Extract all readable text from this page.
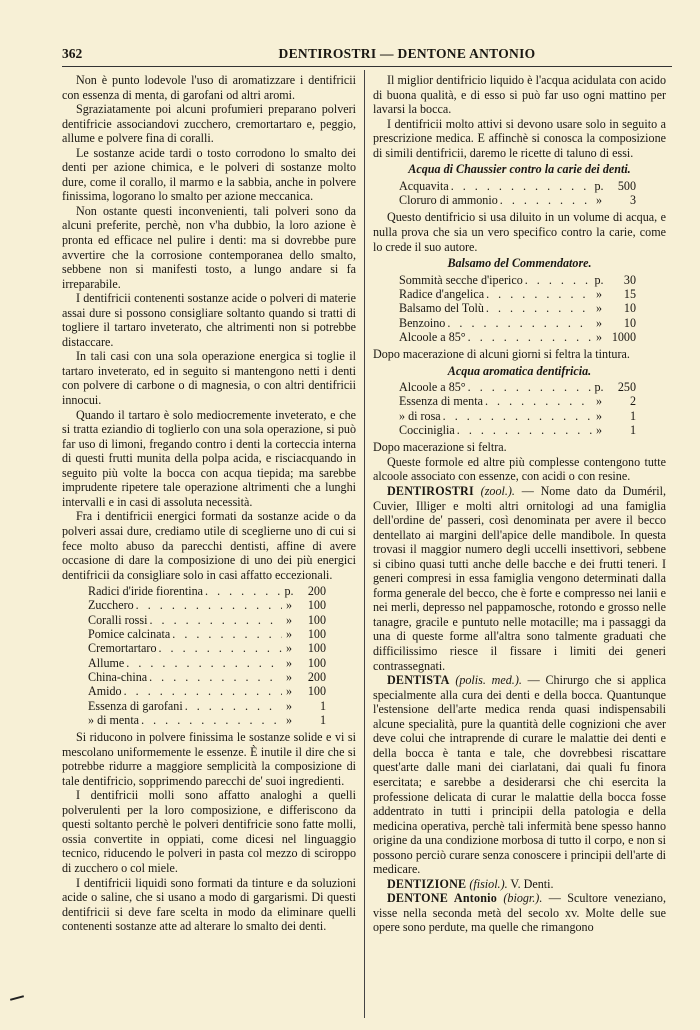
362	DENTIROSTRI — DENTONE ANTONIO

Non è punto lodevole l'uso di aromatizzare i dentifricii con essenza di menta, di garofani od altri aromi.

Sgraziatamente poi alcuni profumieri preparano polveri dentifricie associandovi zucchero, cremortartaro e, peggio, allume e polvere fina di coralli.

Le sostanze acide tardi o tosto corrodono lo smalto dei denti per azione chimica, e le polveri di sostanze molto dure, come il corallo, il marmo e la sabbia, anche in polvere finissima, logorano lo smalto per azione meccanica.

Non ostante questi inconvenienti, tali polveri sono da alcuni preferite, perchè, non v'ha dubbio, la loro azione è pronta ed efficace nel pulire i denti: ma si dovrebbe pure avvertire che la corrosione contemporanea dello smalto, sebbene non si manifesti tosto, a lungo andare si fa irreparabile.

I dentifricii contenenti sostanze acide o polveri di materie assai dure si possono consigliare soltanto quando si tratti di togliere il tartaro inveterato, che altrimenti non si potrebbe distaccare.

In tali casi con una sola operazione energica si toglie il tartaro inveterato, ed in seguito si mantengono netti i denti con polvere di carbone o di magnesia, o con altri dentifricii innocui.

Quando il tartaro è solo mediocremente inveterato, e che si tratta eziandio di toglierlo con una sola operazione, si può far uso di limoni, fregando contro i denti la corteccia interna di questi frutti munita della polpa acida, e risciacquando in seguito più volte la bocca con acqua tiepida; ma sarebbe imprudente ripetere tale operazione altrimenti che a lunghi intervalli e in casi di assoluta necessità.

Fra i dentifricii energici formati da sostanze acide o da polveri assai dure, crediamo utile di sceglierne uno di cui si fece molto abuso da parecchi dentisti, affine di avere occasione di dare la composizione di uno dei più energici dentifricii da consigliare solo in casi affatto eccezionali.

Radici d'iride fiorentina . . .	p.	200
Zucchero . . .	»	100
Coralli rossi . . .	»	100
Pomice calcinata . . .	»	100
Cremortartaro . . .	»	100
Allume . . .	»	100
China-china . . .	»	200
Amido . . .	»	100
Essenza di garofani . . .	»	1
» di menta . . .	»	1

Si riducono in polvere finissima le sostanze solide e vi si mescolano uniformemente le essenze. È inutile il dire che si potrebbe ridurre a maggiore semplicità la composizione di tale dentifricio, sopprimendo parecchi de' suoi ingredienti.

I dentifricii molli sono affatto analoghi a quelli polverulenti per la loro composizione, e differiscono da questi soltanto perchè le polveri dentifricie sono fatte molli, ossia convertite in oppiati, come dicesi nel linguaggio tecnico, riducendo le polveri in pasta col mezzo di sciroppo di zucchero o col miele.

I dentifricii liquidi sono formati da tinture e da soluzioni acide o saline, che si usano a modo di gargarismi. Di questi dentifricii si deve fare scelta in modo da eliminare quelli contenenti sostanze atte ad alterare lo smalto dei denti.

Il miglior dentifricio liquido è l'acqua acidulata con acido di buona qualità, e di esso si può far uso ogni mattino per lavarsi la bocca.

I dentifricii molto attivi si devono usare solo in seguito a prescrizione medica. E affinchè si conosca la composizione di simili dentifricii, daremo le ricette di taluno di essi.

Acqua di Chaussier contro la carie dei denti.
Acquavita . . .	p.	500
Cloruro di ammonio . . .	»	3

Questo dentifricio si usa diluito in un volume di acqua, e nulla prova che sia un vero specifico contro la carie, come lo crede il suo autore.

Balsamo del Commendatore.
Sommità secche d'iperico . . .	p.	30
Radice d'angelica . . .	»	15
Balsamo del Tolù . . .	»	10
Benzoino . . .	»	10
Alcoole a 85° . . .	» 1000

Dopo macerazione di alcuni giorni si feltra la tintura.

Acqua aromatica dentifricia.
Alcoole a 85° . . .	p.	250
Essenza di menta . . .	»	2
» di rosa . . .	»	1
Cocciniglia . . .	»	1

Dopo macerazione si feltra.

Queste formole ed altre più complesse contengono tutte alcoole associato con essenze, con acidi o con resine.

DENTIROSTRI (zool.). — Nome dato da Duméril, Cuvier, Illiger e molti altri ornitologi ad una famiglia dell'ordine de' passeri, così denominata per avere il becco dentellato ai margini dell'apice delle mandibole. In questa trovasi il maggior numero degli uccelli insettivori, sebbene si cibino quasi tutti anche delle bacche e dei frutti teneri. I generi compresi in essa famiglia vengono determinati dalla forma generale del becco, che è forte e compresso nei lanii e nei merli, depresso nel pappamosche, rotondo e grosso nelle tanagre, gracile e puntuto nelle motacille; ma i passaggi da una di queste forme all'altra sono talmente graduati che difficilissimo riesce il fissare i limiti dei generi contrassegnati.

DENTISTA (polis. med.). — Chirurgo che si applica specialmente alla cura dei denti e della bocca. Quantunque l'estensione dell'arte medica renda quasi indispensabili alcune specialità, pure la quantità delle cognizioni che aver deve colui che intraprende di curare le malattie dei denti e della bocca è tanta e tale, che dovrebbesi riscattare quest'arte dalle mani dei ciarlatani, dai quali fu finora esercitata; e sarebbe a desiderarsi che chi esercita la professione delicata di curar le malattie della bocca fosse addentrato in tutti i principii della patologia e della medicina operativa, perchè tali infermità bene spesso hanno origine da una condizione morbosa di tutto il corpo, e non si possono perciò curare senza conoscere i principii dell'arte di medicare.

DENTIZIONE (fisiol.). V. Denti.

DENTONE Antonio (biogr.). — Scultore veneziano, visse nella seconda metà del secolo xv. Molte delle sue opere sono perdute, ma quelle che rimangono
